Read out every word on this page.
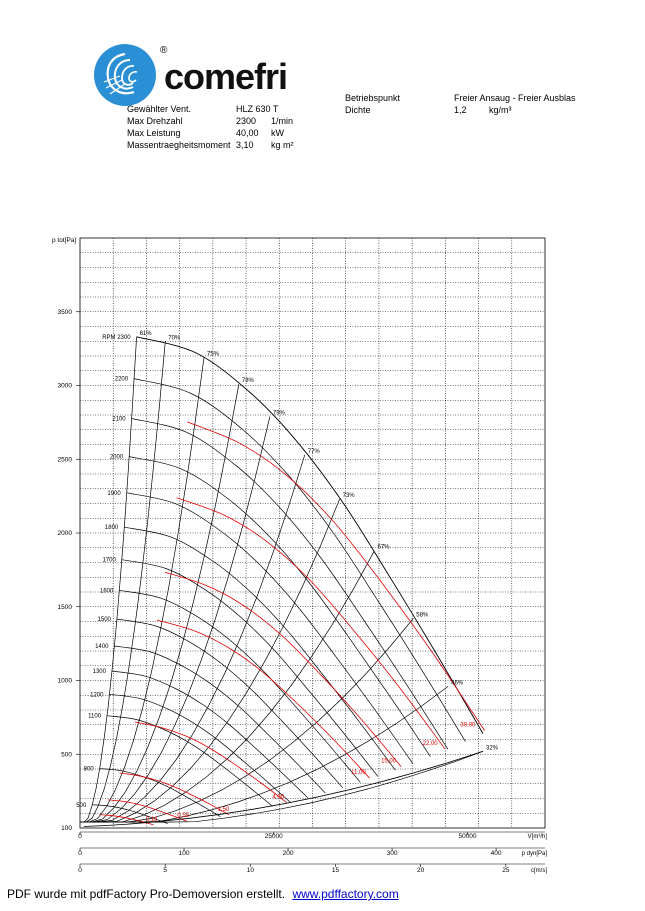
comefri
®
Gewählter Vent.	HLZ 630 T
Max Drehzahl	2300 1/min
Max Leistung	40,00 kW
Massentraegheitsmoment 3,10 kg m²
Betriebspunkt	Freier Ansaug - Freier Ausblas
Dichte	1,2 kg/m³
RPM 2300
2200
2100
2000
1900
1800
1700
1600
1500
1400
1300
1200
1100
800
500
61%
70%
75%
78%
79%
77%
73%
67%
58%
46%
32%
0,18
0,55
1,50
4,00
11,00
15,00
22,00
30,00
p tot[Pa]
500
1000
1500
2000
2500
3000
3500
100
0	25000	50000	V[m³/h]
0	100	200	300	400	p dyn[Pa]
0	5	10	15	20	25	c[m/s]
PDF wurde mit pdfFactory Pro-Demoversion erstellt. www.pdffactory.com
